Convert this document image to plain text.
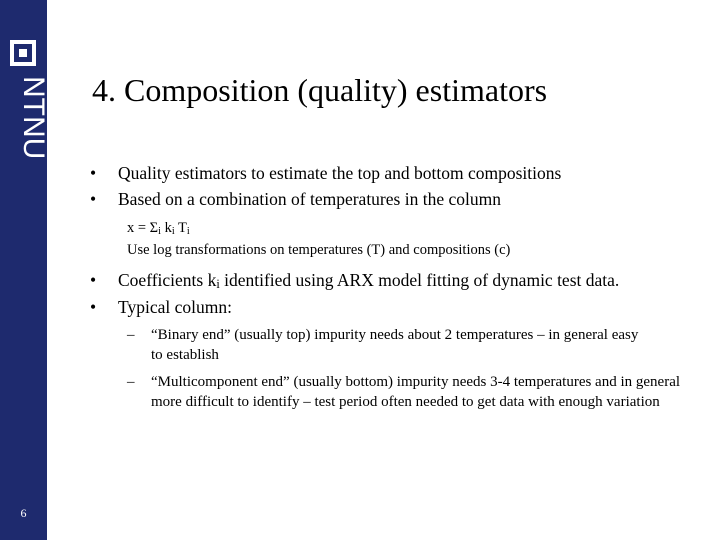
NTNU
6
4. Composition (quality) estimators
•	Quality estimators to estimate the top and bottom compositions
•	Based on a combination of temperatures in the column
$x = \Sigma_i$ $k_i$ $T_i$
Use log transformations on temperatures (T) and compositions (c)
•	Coefficients $k_i$ identified using ARX model fitting of dynamic test data.
•	Typical column:
–	“Binary end” (usually top) impurity needs about 2 temperatures – in general easy to establish
–	“Multicomponent end” (usually bottom) impurity needs 3-4 temperatures and in general more difficult to identify – test period often needed to get data with enough variation
